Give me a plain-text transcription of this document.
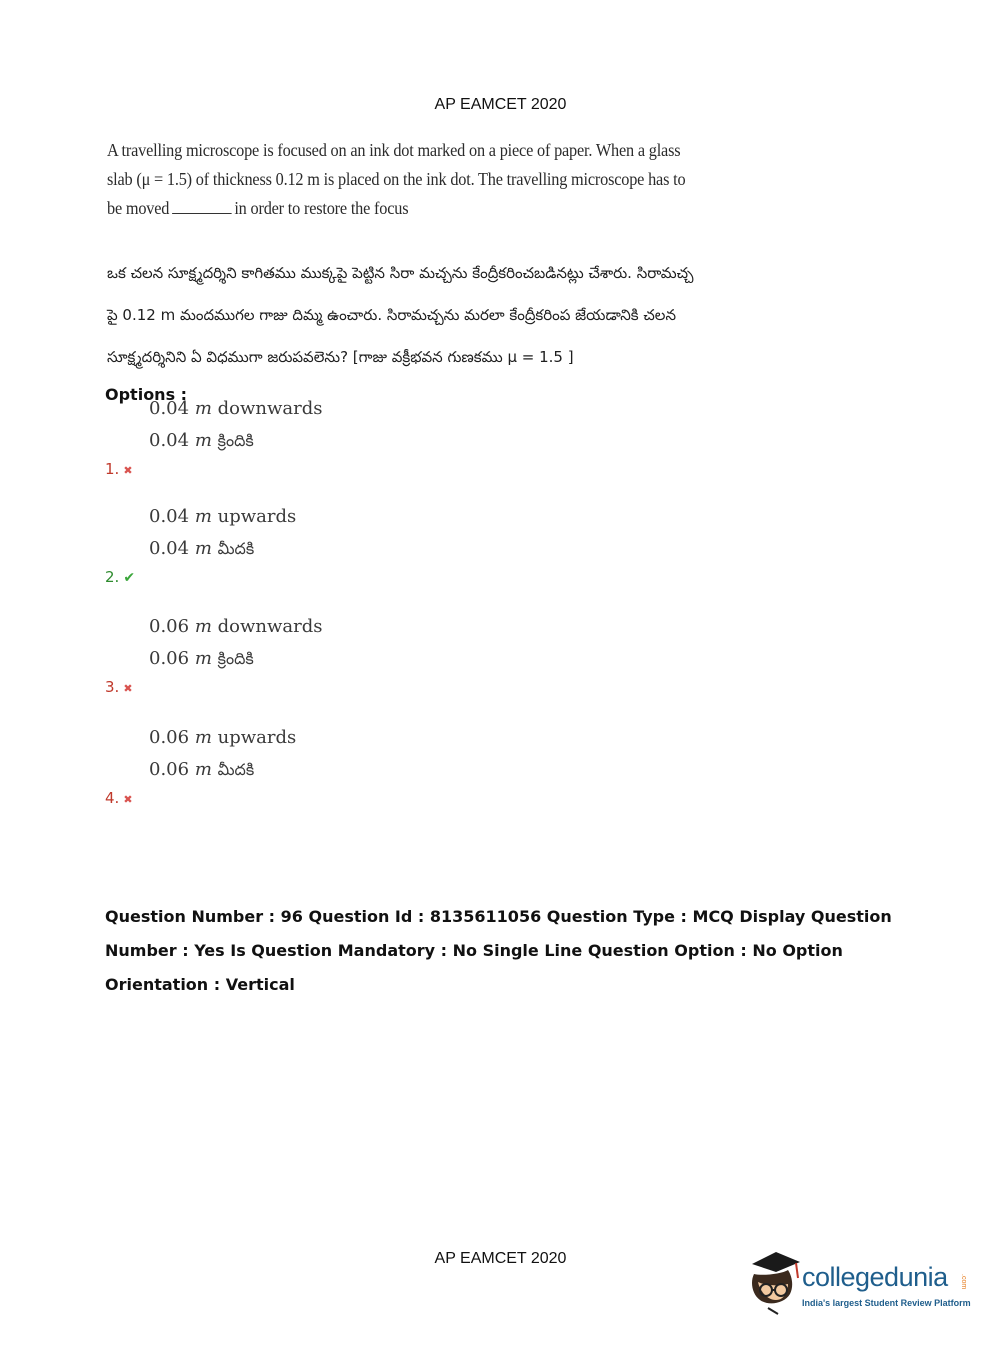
AP EAMCET 2020
A travelling microscope is focused on an ink dot marked on a piece of paper. When a glass
slab (μ = 1.5) of thickness 0.12 m is placed on the ink dot. The travelling microscope has to
be moved	in order to restore the focus
ఒక చలన సూక్ష్మదర్శిని కాగితము ముక్కపై పెట్టిన సిరా మచ్చను కేంద్రీకరించబడినట్లు చేశారు. సిరామచ్చ
పై 0.12 m మందముగల గాజు దిమ్మ ఉంచారు. సిరామచ్చను మరలా కేంద్రీకరింప జేయడానికి చలన
సూక్ష్మదర్శినిని ఏ విధముగా జరుపవలెను? [గాజు వక్రీభవన గుణకము μ = 1.5 ]
Options :
0.04 m downwards
0.04 m క్రిందికి
1. ✖
0.04 m upwards
0.04 m మీదకి
2. ✔
0.06 m downwards
0.06 m క్రిందికి
3. ✖
0.06 m upwards
0.06 m మీదకి
4. ✖
Question Number : 96 Question Id : 8135611056 Question Type : MCQ Display Question
Number : Yes Is Question Mandatory : No Single Line Question Option : No Option
Orientation : Vertical
AP EAMCET 2020
collegedunia .com
India's largest Student Review Platform
